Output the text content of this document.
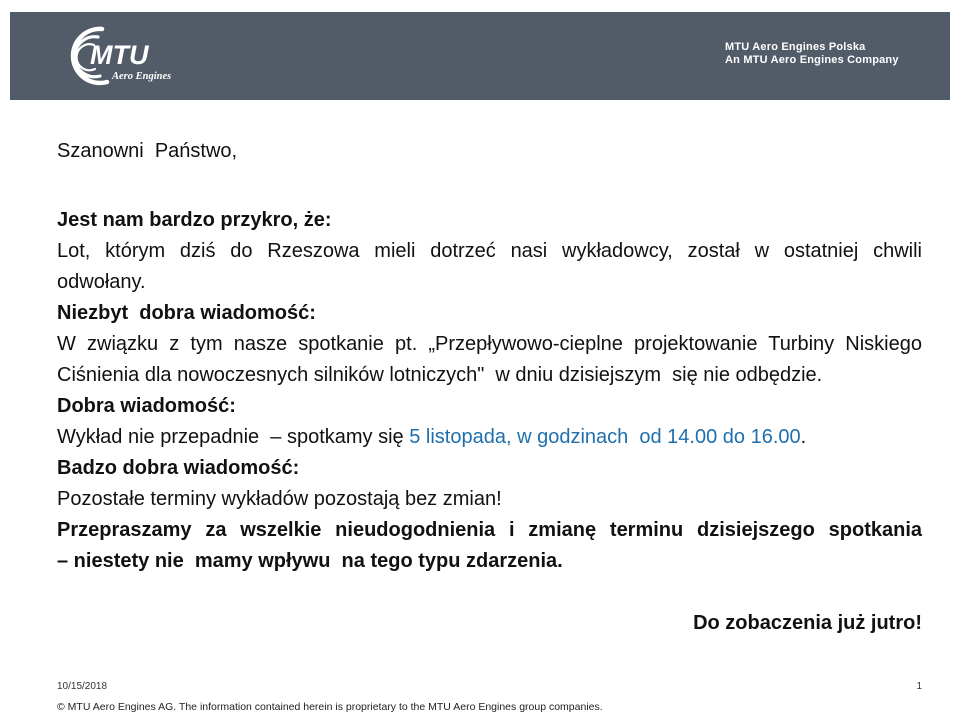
MTU
Aero Engines
MTU Aero Engines Polska
An MTU Aero Engines Company
Szanowni  Państwo,
Jest nam bardzo przykro, że:
Lot, którym dziś do Rzeszowa mieli dotrzeć nasi wykładowcy, został w ostatniej chwili
odwołany.
Niezbyt  dobra wiadomość:
W związku z tym nasze spotkanie pt. „Przepływowo-cieplne projektowanie Turbiny Niskiego
Ciśnienia dla nowoczesnych silników lotniczych"  w dniu dzisiejszym  się nie odbędzie.
Dobra wiadomość:
Wykład nie przepadnie  – spotkamy się 5 listopada, w godzinach  od 14.00 do 16.00.
Badzo dobra wiadomość:
Pozostałe terminy wykładów pozostają bez zmian!
Przepraszamy za wszelkie nieudogodnienia i zmianę terminu dzisiejszego spotkania
– niestety nie  mamy wpływu  na tego typu zdarzenia.
Do zobaczenia już jutro!
10/15/2018	1
© MTU Aero Engines AG. The information contained herein is proprietary to the MTU Aero Engines group companies.
